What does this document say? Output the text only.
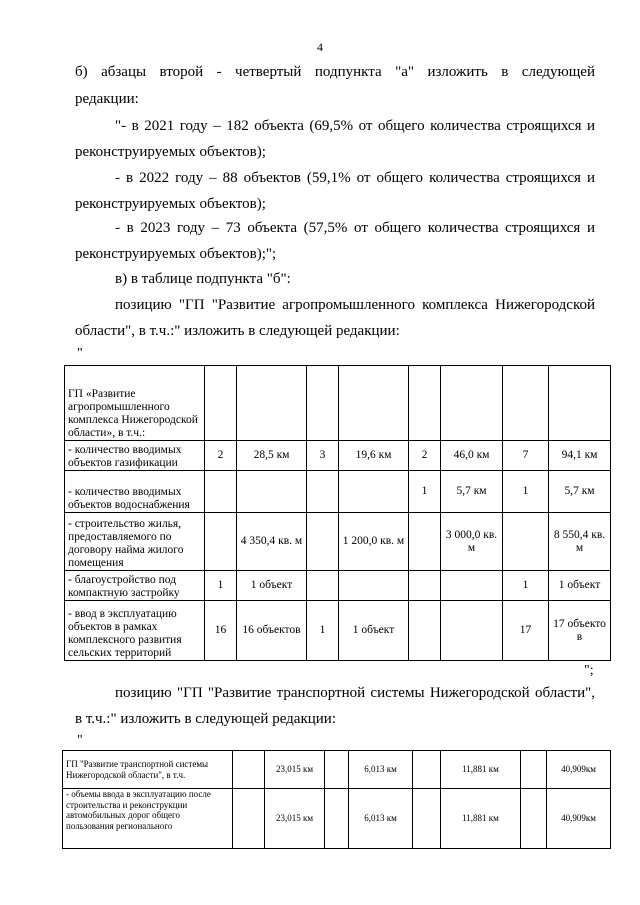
4
б) абзацы второй - четвертый подпункта "а" изложить в следующей
редакции:
"- в 2021 году – 182 объекта (69,5% от общего количества строящихся и
реконструируемых объектов);
- в 2022 году – 88 объектов (59,1% от общего количества строящихся и
реконструируемых объектов);
- в 2023 году – 73 объекта (57,5% от общего количества строящихся и
реконструируемых объектов);";
в) в таблице подпункта "б":
позицию "ГП "Развитие агропромышленного комплекса Нижегородской
области", в т.ч.:" изложить в следующей редакции:
"
ГП «Развитие агропромышленного комплекса Нижегородской области», в т.ч.:								
- количество вводимых объектов газификации	2	28,5 км	3	19,6 км	2	46,0 км	7	94,1 км
- количество вводимых объектов водоснабжения					1	5,7 км	1	5,7 км
- строительство жилья, предоставляемого по договору найма жилого помещения		4 350,4 кв. м		1 200,0 кв. м		3 000,0 кв. м		8 550,4 кв. м
- благоустройство под компактную застройку	1	1 объект					1	1 объект
- ввод в эксплуатацию объектов в рамках комплексного развития сельских территорий	16	16 объектов	1	1 объект			17	17 объекто в
";
позицию "ГП "Развитие транспортной системы Нижегородской области",
в т.ч.:" изложить в следующей редакции:
"
ГП "Развитие транспортной системы Нижегородской области", в т.ч.		23,015 км		6,013 км		11,881 км		40,909км
- объемы ввода в эксплуатацию после строительства и реконструкции автомобильных дорог общего пользования регионального		23,015 км		6,013 км		11,881 км		40,909км
